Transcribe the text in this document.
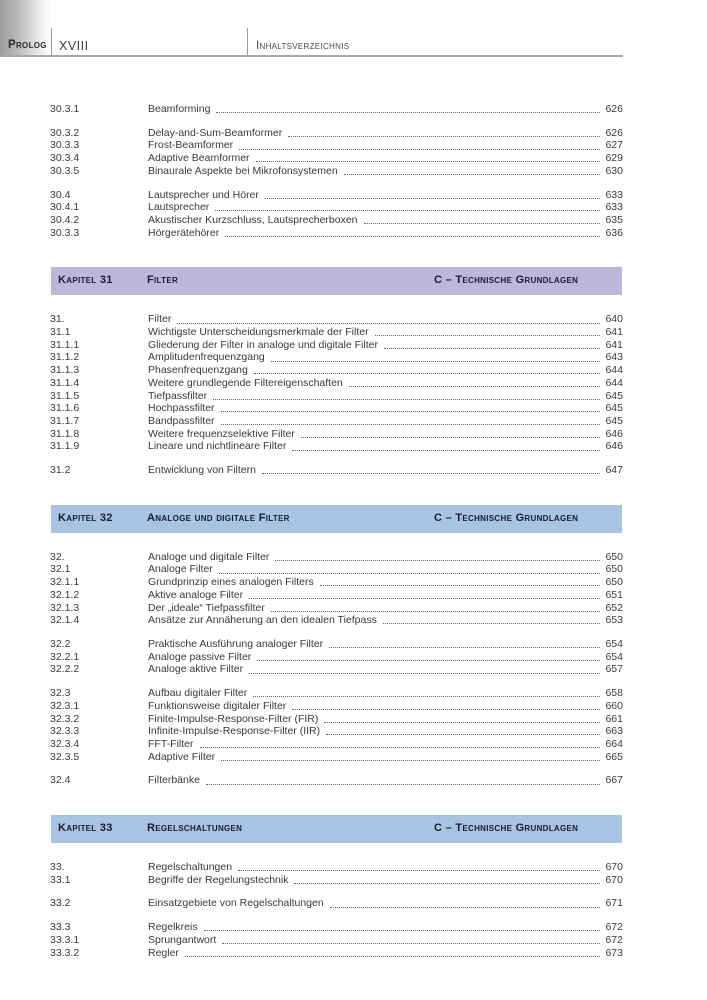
Prolog XVIII	Inhaltsverzeichnis
30.3.1	Beamforming	626
30.3.2	Delay-and-Sum-Beamformer	626
30.3.3	Frost-Beamformer	627
30.3.4	Adaptive Beamformer	629
30.3.5	Binaurale Aspekte bei Mikrofonsystemen	630
30.4	Lautsprecher und Hörer	633
30.4.1	Lautsprecher	633
30.4.2	Akustischer Kurzschluss, Lautsprecherboxen	635
30.3.3	Hörgerätehörer	636
Kapitel 31	Filter	C – Technische Grundlagen
31.	Filter	640
31.1	Wichtigste Unterscheidungsmerkmale der Filter	641
31.1.1	Gliederung der Filter in analoge und digitale Filter	641
31.1.2	Amplitudenfrequenzgang	643
31.1.3	Phasenfrequenzgang	644
31.1.4	Weitere grundlegende Filtereigenschaften	644
31.1.5	Tiefpassfilter	645
31.1.6	Hochpassfilter	645
31.1.7	Bandpassfilter	645
31.1.8	Weitere frequenzselektive Filter	646
31.1.9	Lineare und nichtlineare Filter	646
31.2	Entwicklung von Filtern	647
Kapitel 32	Analoge und digitale Filter	C – Technische Grundlagen
32.	Analoge und digitale Filter	650
32.1	Analoge Filter	650
32.1.1	Grundprinzip eines analogen Filters	650
32.1.2	Aktive analoge Filter	651
32.1.3	Der „ideale“ Tiefpassfilter	652
32.1.4	Ansätze zur Annäherung an den idealen Tiefpass	653
32.2	Praktische Ausführung analoger Filter	654
32.2.1	Analoge passive Filter	654
32.2.2	Analoge aktive Filter	657
32.3	Aufbau digitaler Filter	658
32.3.1	Funktionsweise digitaler Filter	660
32.3.2	Finite-Impulse-Response-Filter (FIR)	661
32.3.3	Infinite-Impulse-Response-Filter (IIR)	663
32.3.4	FFT-Filter	664
32.3.5	Adaptive Filter	665
32.4	Filterbänke	667
Kapitel 33	Regelschaltungen	C – Technische Grundlagen
33.	Regelschaltungen	670
33.1	Begriffe der Regelungstechnik	670
33.2	Einsatzgebiete von Regelschaltungen	671
33.3	Regelkreis	672
33.3.1	Sprungantwort	672
33.3.2	Regler	673
